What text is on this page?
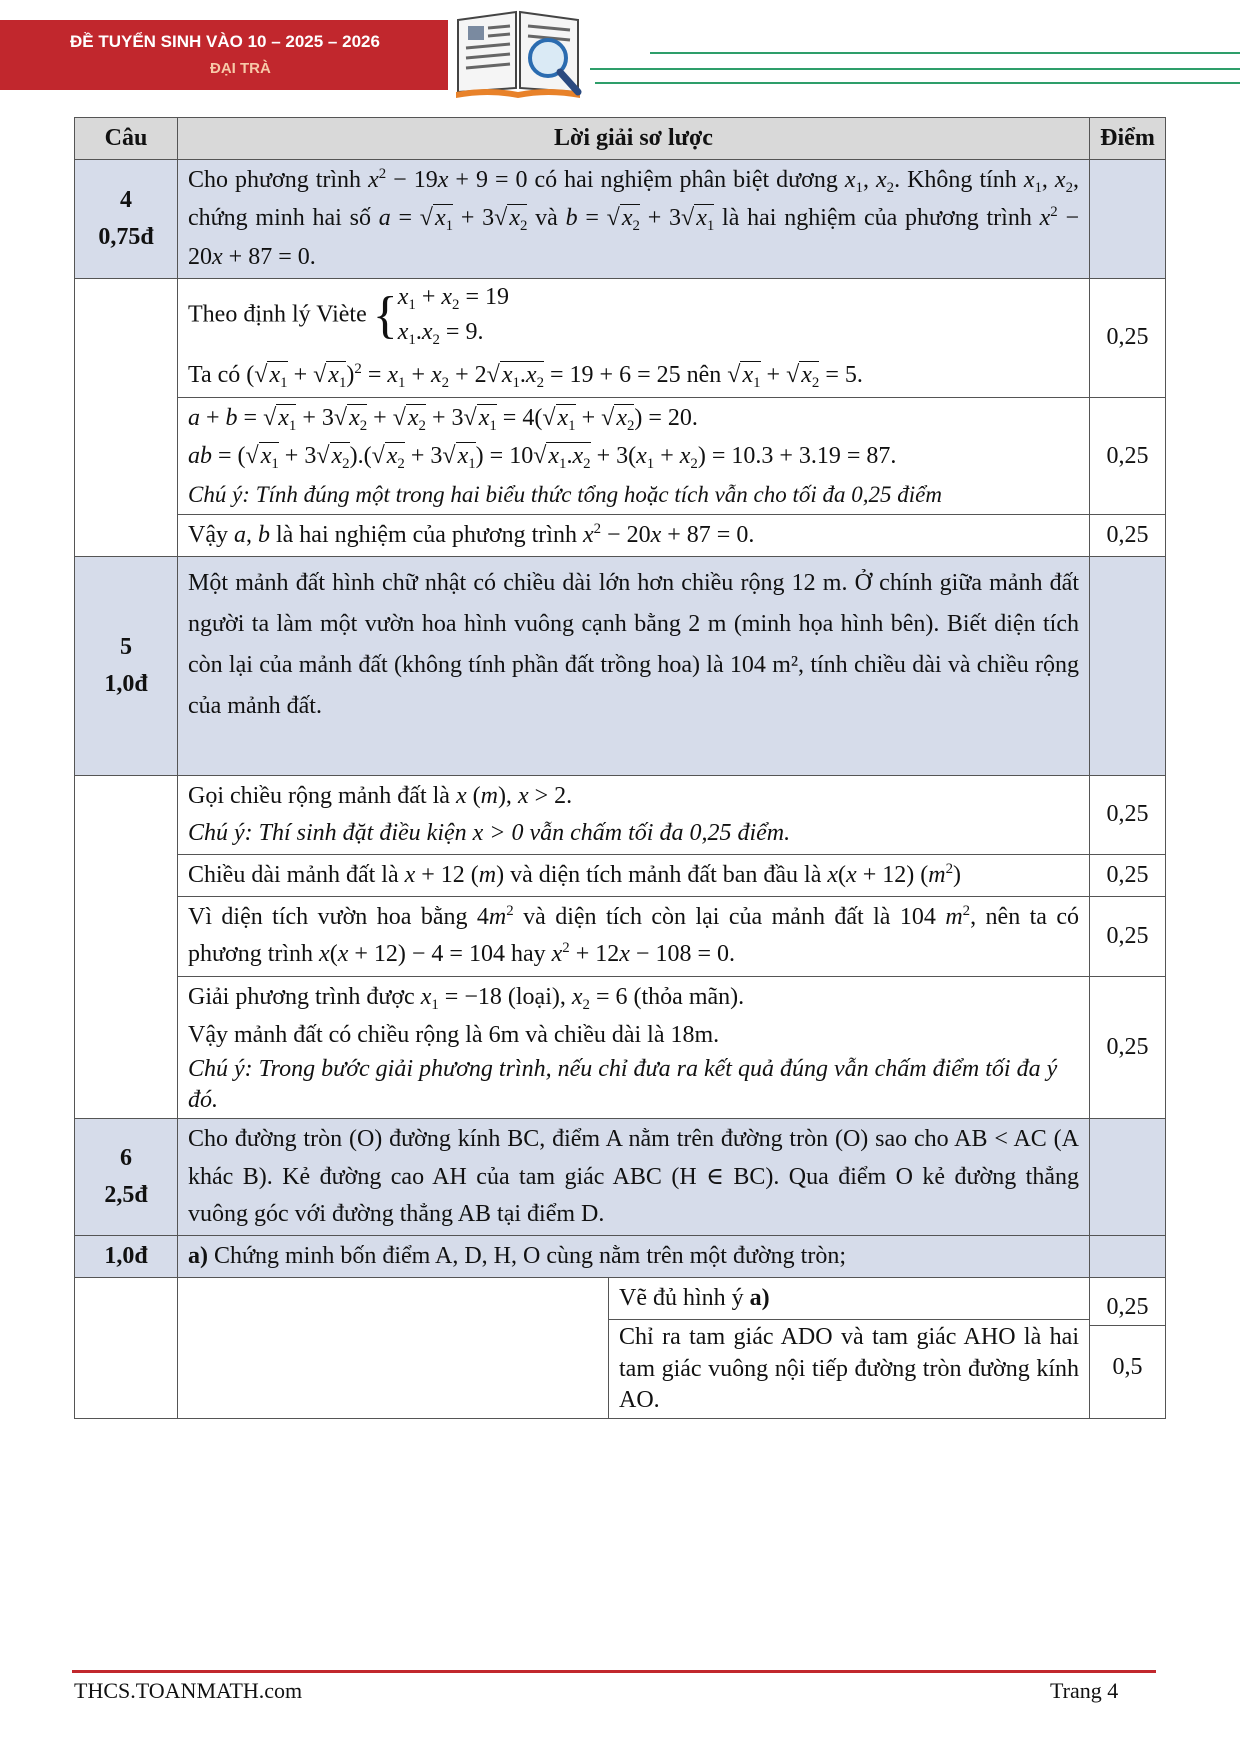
ĐỀ TUYỂN SINH VÀO 10 – 2025 – 2026
ĐẠI TRÀ
Câu	Lời giải sơ lược	Điểm

4
0,75đ
	Cho phương trình $x^2 - 19x + 9 = 0$ có hai nghiệm phân biệt dương $x_1$, $x_2$. Không tính $x_1$, $x_2$, chứng minh hai số a = √ $x_1 + 3√$ $x_2$ và b = √ $x_2 + 3√$ $x_1$ là hai nghiệm của phương trình $x^2 - 20x + 87 = 0$.	

Theo định lý Viète {$x_1 + x_2 = 19$
$x_1.x_2 = 9$.
Ta có (√ $x_1$ + √ $x_1)^2 = x_1 + x_2 + 2√$ $x_1.x_2 = 19 + 6 = 25$ nên √ $x_1$ + √ $x_2 = 5$.
	0,25

a + b = √ $x_1 + 3√$ $x_2$ + √ $x_2 + 3√$ $x_1 = 4(√$ $x_1$ + √ $x_2) = 20$.
ab = (√ $x_1 + 3√$ $x_2).(√$ $x_2 + 3√$ $x_1) = 10√$ $x_1.x_2 + 3(x_1 + x_2) = 10.3 + 3.19 = 87$.
Chú ý: Tính đúng một trong hai biểu thức tổng hoặc tích vẫn cho tối đa 0,25 điểm
	0,25
Vậy a, b là hai nghiệm của phương trình $x^2 - 20x + 87 = 0$.	0,25

5
1,0đ
	Một mảnh đất hình chữ nhật có chiều dài lớn hơn chiều rộng 12 m. Ở chính giữa mảnh đất người ta làm một vườn hoa hình vuông cạnh bằng 2 m (minh họa hình bên). Biết diện tích còn lại của mảnh đất (không tính phần đất trồng hoa) là 104 m², tính chiều dài và chiều rộng của mảnh đất.	

Gọi chiều rộng mảnh đất là x (m), x > 2.
Chú ý: Thí sinh đặt điều kiện x > 0 vẫn chấm tối đa 0,25 điểm.
	0,25
Chiều dài mảnh đất là x + 12 (m) và diện tích mảnh đất ban đầu là x(x + 12) $(m^2)$	0,25
Vì diện tích vườn hoa bằng $4m^2$ và diện tích còn lại của mảnh đất là 104 $m^2$, nên ta có phương trình x(x + 12) − 4 = 104 hay $x^2 + 12x - 108 = 0$.	0,25

Giải phương trình được $x_1 = -18$ (loại), $x_2 = 6$ (thỏa mãn).
Vậy mảnh đất có chiều rộng là 6m và chiều dài là 18m.
Chú ý: Trong bước giải phương trình, nếu chỉ đưa ra kết quả đúng vẫn chấm điểm tối đa ý đó.
	0,25

6
2,5đ
	Cho đường tròn (O) đường kính BC, điểm A nằm trên đường tròn (O) sao cho AB < AC (A khác B). Kẻ đường cao AH của tam giác ABC (H ∈ BC). Qua điểm O kẻ đường thẳng vuông góc với đường thẳng AB tại điểm D.	
1,0đ	a) Chứng minh bốn điểm A, D, H, O cùng nằm trên một đường tròn;	

	Vẽ đủ hình ý a)
Chỉ ra tam giác ADO và tam giác AHO là hai tam giác vuông nội tiếp đường tròn đường kính AO.

0,25
0,5
THCS.TOANMATH.com	Trang 4
